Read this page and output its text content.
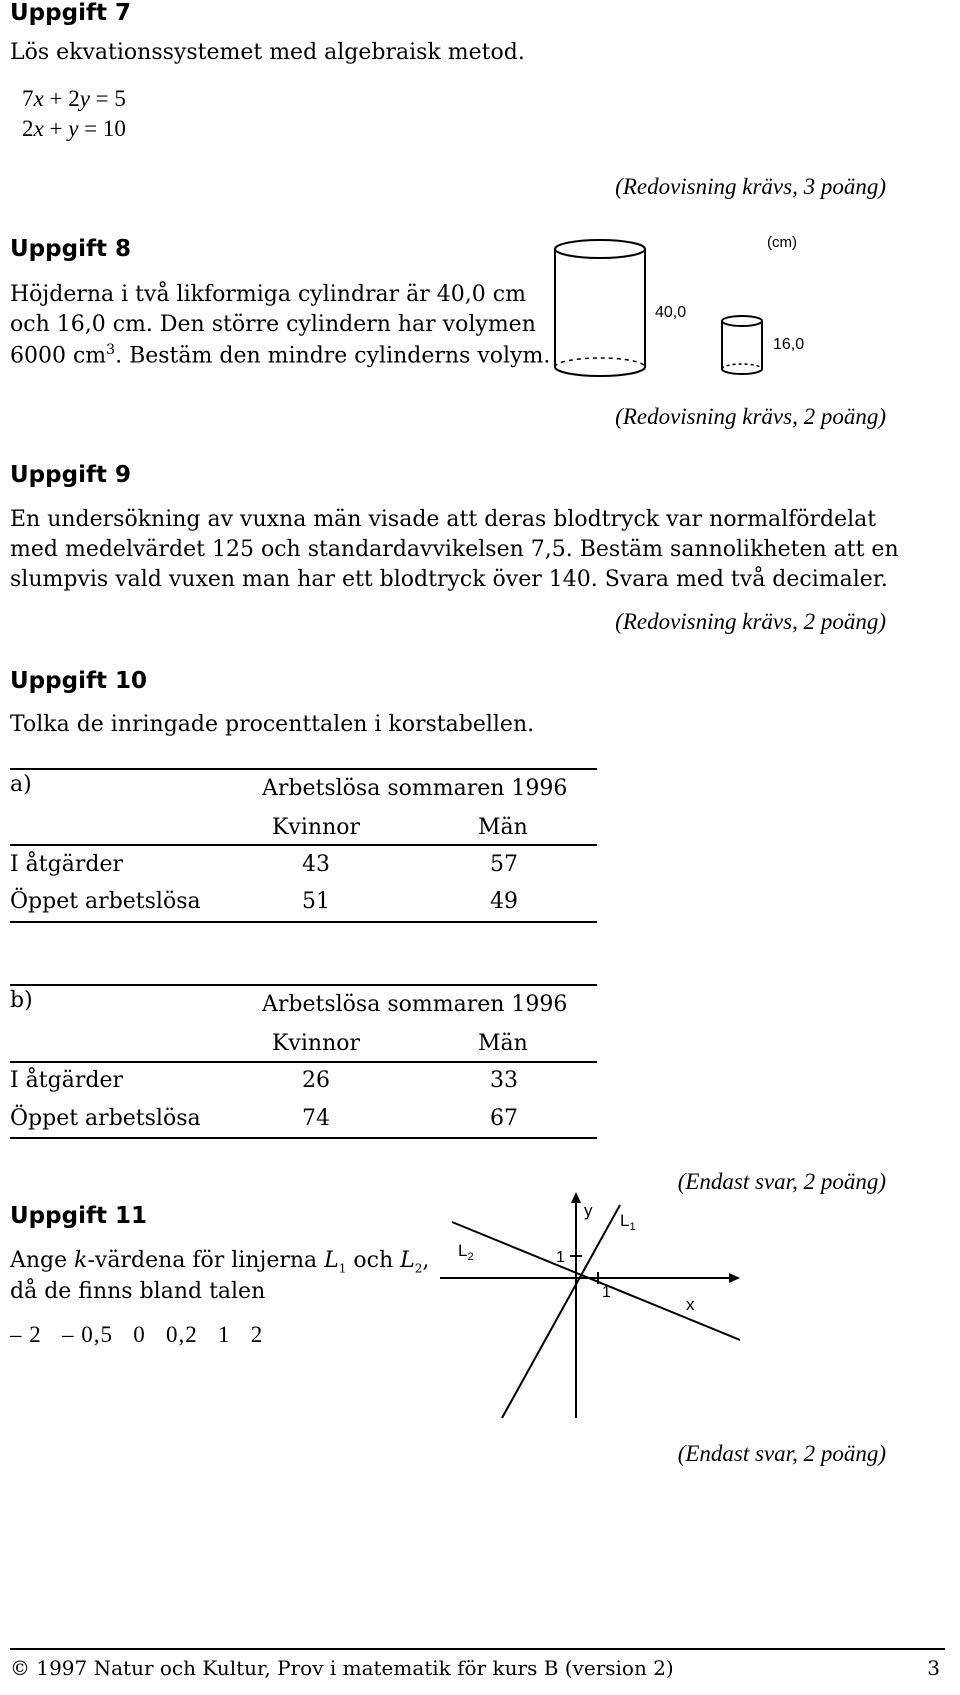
Uppgift 7
Lös ekvationssystemet med algebraisk metod.
7x + 2y = 5
2x + y = 10
(Redovisning krävs, 3 poäng)
Uppgift 8
Höjderna i två likformiga cylindrar är 40,0 cm
och 16,0 cm. Den större cylindern har volymen
6000 $cm^3$. Bestäm den mindre cylinderns volym.
40,0
16,0
(cm)
(Redovisning krävs, 2 poäng)
Uppgift 9
En undersökning av vuxna män visade att deras blodtryck var normalfördelat
med medelvärdet 125 och standardavvikelsen 7,5. Bestäm sannolikheten att en
slumpvis vald vuxen man har ett blodtryck över 140. Svara med två decimaler.
(Redovisning krävs, 2 poäng)
Uppgift 10
Tolka de inringade procenttalen i korstabellen.
a)	Arbetslösa sommaren 1996
Kvinnor	Män
I åtgärder	43	57
Öppet arbetslösa	51	49
b)	Arbetslösa sommaren 1996
Kvinnor	Män
I åtgärder	26	33
Öppet arbetslösa	74	67
(Endast svar, 2 poäng)
Uppgift 11
Ange k-värdena för linjerna $L_1$ och $L_2$,
då de finns bland talen
– 2   – 0,5   0   0,2   1   2
y
x
$L_1$
$L_2$	1
1
(Endast svar, 2 poäng)
© 1997 Natur och Kultur, Prov i matematik för kurs B (version 2)	3
